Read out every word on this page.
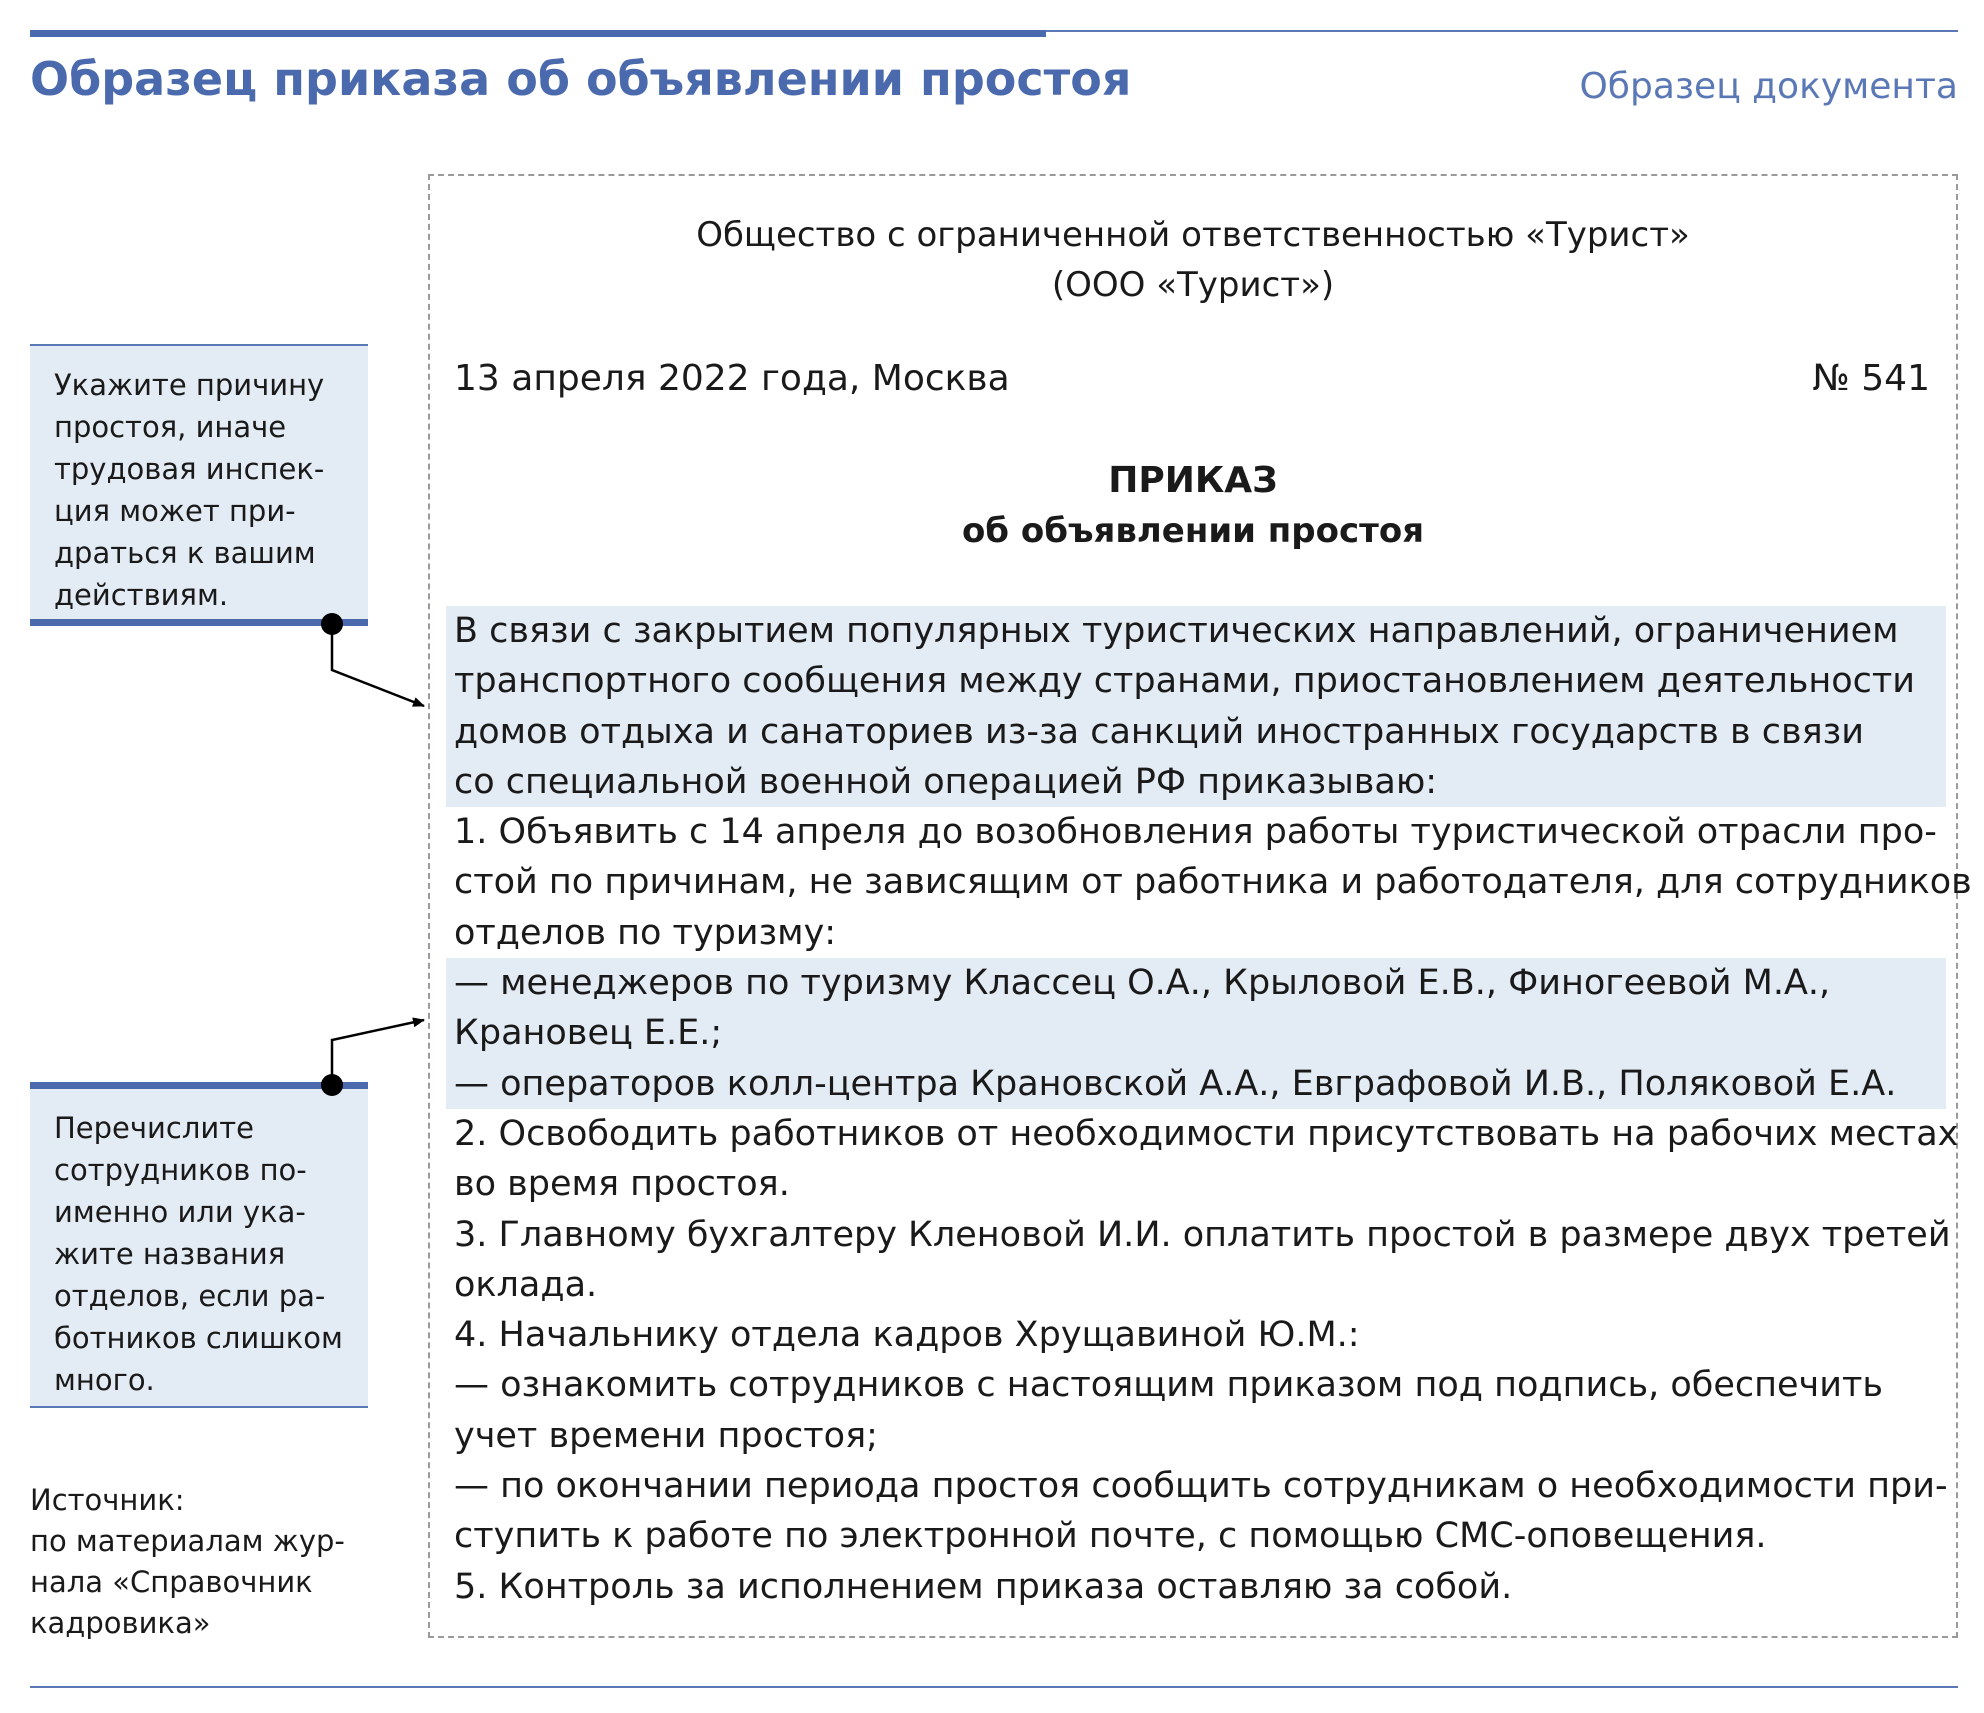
Образец приказа об объявлении простоя	Образец документа
Укажите причину
простоя, иначе
трудовая инспек-
ция может при-
драться к вашим
действиям.
Перечислите
сотрудников по-
именно или ука-
жите названия
отделов, если ра-
ботников слишком
много.
Источник:
по материалам жур-
нала «Справочник
кадровика»
Общество с ограниченной ответственностью «Турист»
(ООО «Турист»)
13 апреля 2022 года, Москва	№ 541
ПРИКАЗ
об объявлении простоя
В связи с закрытием популярных туристических направлений, ограничением
транспортного сообщения между странами, приостановлением деятельности
домов отдыха и санаториев из-за санкций иностранных государств в связи
со специальной военной операцией РФ приказываю:
1. Объявить с 14 апреля до возобновления работы туристической отрасли про-
стой по причинам, не зависящим от работника и работодателя, для сотрудников
отделов по туризму:
— менеджеров по туризму Классец О.А., Крыловой Е.В., Финогеевой М.А.,
Крановец Е.Е.;
— операторов колл-центра Крановской А.А., Евграфовой И.В., Поляковой Е.А.
2. Освободить работников от необходимости присутствовать на рабочих местах
во время простоя.
3. Главному бухгалтеру Кленовой И.И. оплатить простой в размере двух третей
оклада.
4. Начальнику отдела кадров Хрущавиной Ю.М.:
— ознакомить сотрудников с настоящим приказом под подпись, обеспечить
учет времени простоя;
— по окончании периода простоя сообщить сотрудникам о необходимости при-
ступить к работе по электронной почте, с помощью СМС-оповещения.
5. Контроль за исполнением приказа оставляю за собой.
